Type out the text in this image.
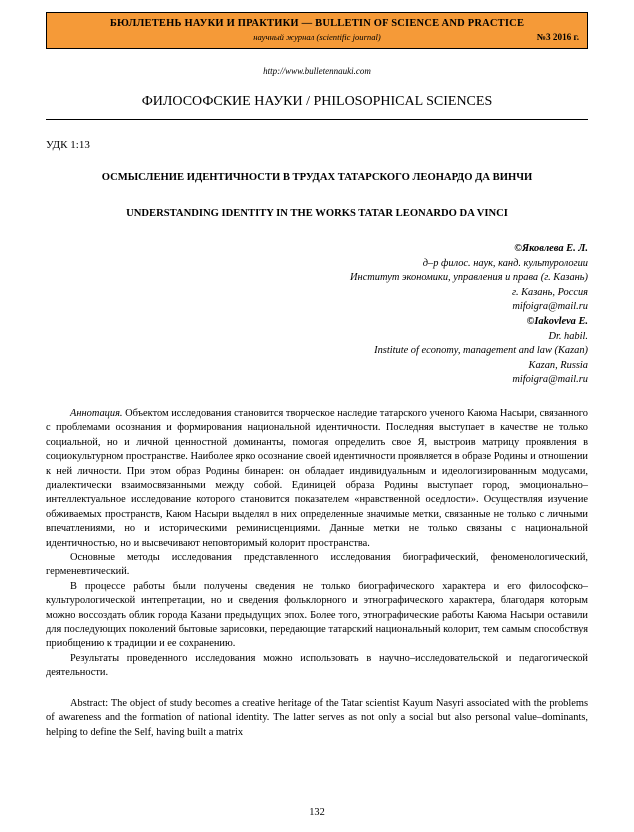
БЮЛЛЕТЕНЬ НАУКИ И ПРАКТИКИ — BULLETIN OF SCIENCE AND PRACTICE
научный журнал (scientific journal)	№3 2016 г.
http://www.bulletennauki.com
ФИЛОСОФСКИЕ НАУКИ / PHILOSOPHICAL SCIENCES
УДК 1:13
ОСМЫСЛЕНИЕ ИДЕНТИЧНОСТИ В ТРУДАХ ТАТАРСКОГО ЛЕОНАРДО ДА ВИНЧИ
UNDERSTANDING IDENTITY IN THE WORKS TATAR LEONARDO DA VINCI
©Яковлева Е. Л.
д–р филос. наук, канд. культурологии
Институт экономики, управления и права (г. Казань)
г. Казань, Россия
mifoigra@mail.ru
©Iakovleva E.
Dr. habil.
Institute of economy, management and law (Kazan)
Kazan, Russia
mifoigra@mail.ru

Аннотация. Объектом исследования становится творческое наследие татарского ученого Каюма Насыри, связанного с проблемами осознания и формирования национальной идентичности. Последняя выступает в качестве не только социальной, но и личной ценностной доминанты, помогая определить свое Я, выстроив матрицу проявления в социокультурном пространстве. Наиболее ярко осознание своей идентичности проявляется в образе Родины и отношении к ней личности. При этом образ Родины бинарен: он обладает индивидуальным и идеологизированным модусами, диалектически взаимосвязанными между собой. Единицей образа Родины выступает город, эмоционально–интеллектуальное исследование которого становится показателем «нравственной оседлости». Осуществляя изучение обживаемых пространств, Каюм Насыри выделял в них определенные значимые метки, связанные не только с личными впечатлениями, но и историческими реминисценциями. Данные метки не только связаны с национальной идентичностью, но и высвечивают неповторимый колорит пространства.

Основные методы исследования представленного исследования биографический, феноменологический, герменевтический.

В процессе работы были получены сведения не только биографического характера и его философско–культурологической интепретации, но и сведения фольклорного и этнографического характера, благодаря которым можно воссоздать облик города Казани предыдущих эпох. Более того, этнографические работы Каюма Насыри оставили для последующих поколений бытовые зарисовки, передающие татарский национальный колорит, тем самым способствуя приобщению к традиции и ее сохранению.

Результаты проведенного исследования можно использовать в научно–исследовательской и педагогической деятельности.

Abstract: The object of study becomes a creative heritage of the Tatar scientist Kayum Nasyri associated with the problems of awareness and the formation of national identity. The latter serves as not only a social but also personal value–dominants, helping to define the Self, having built a matrix

132
